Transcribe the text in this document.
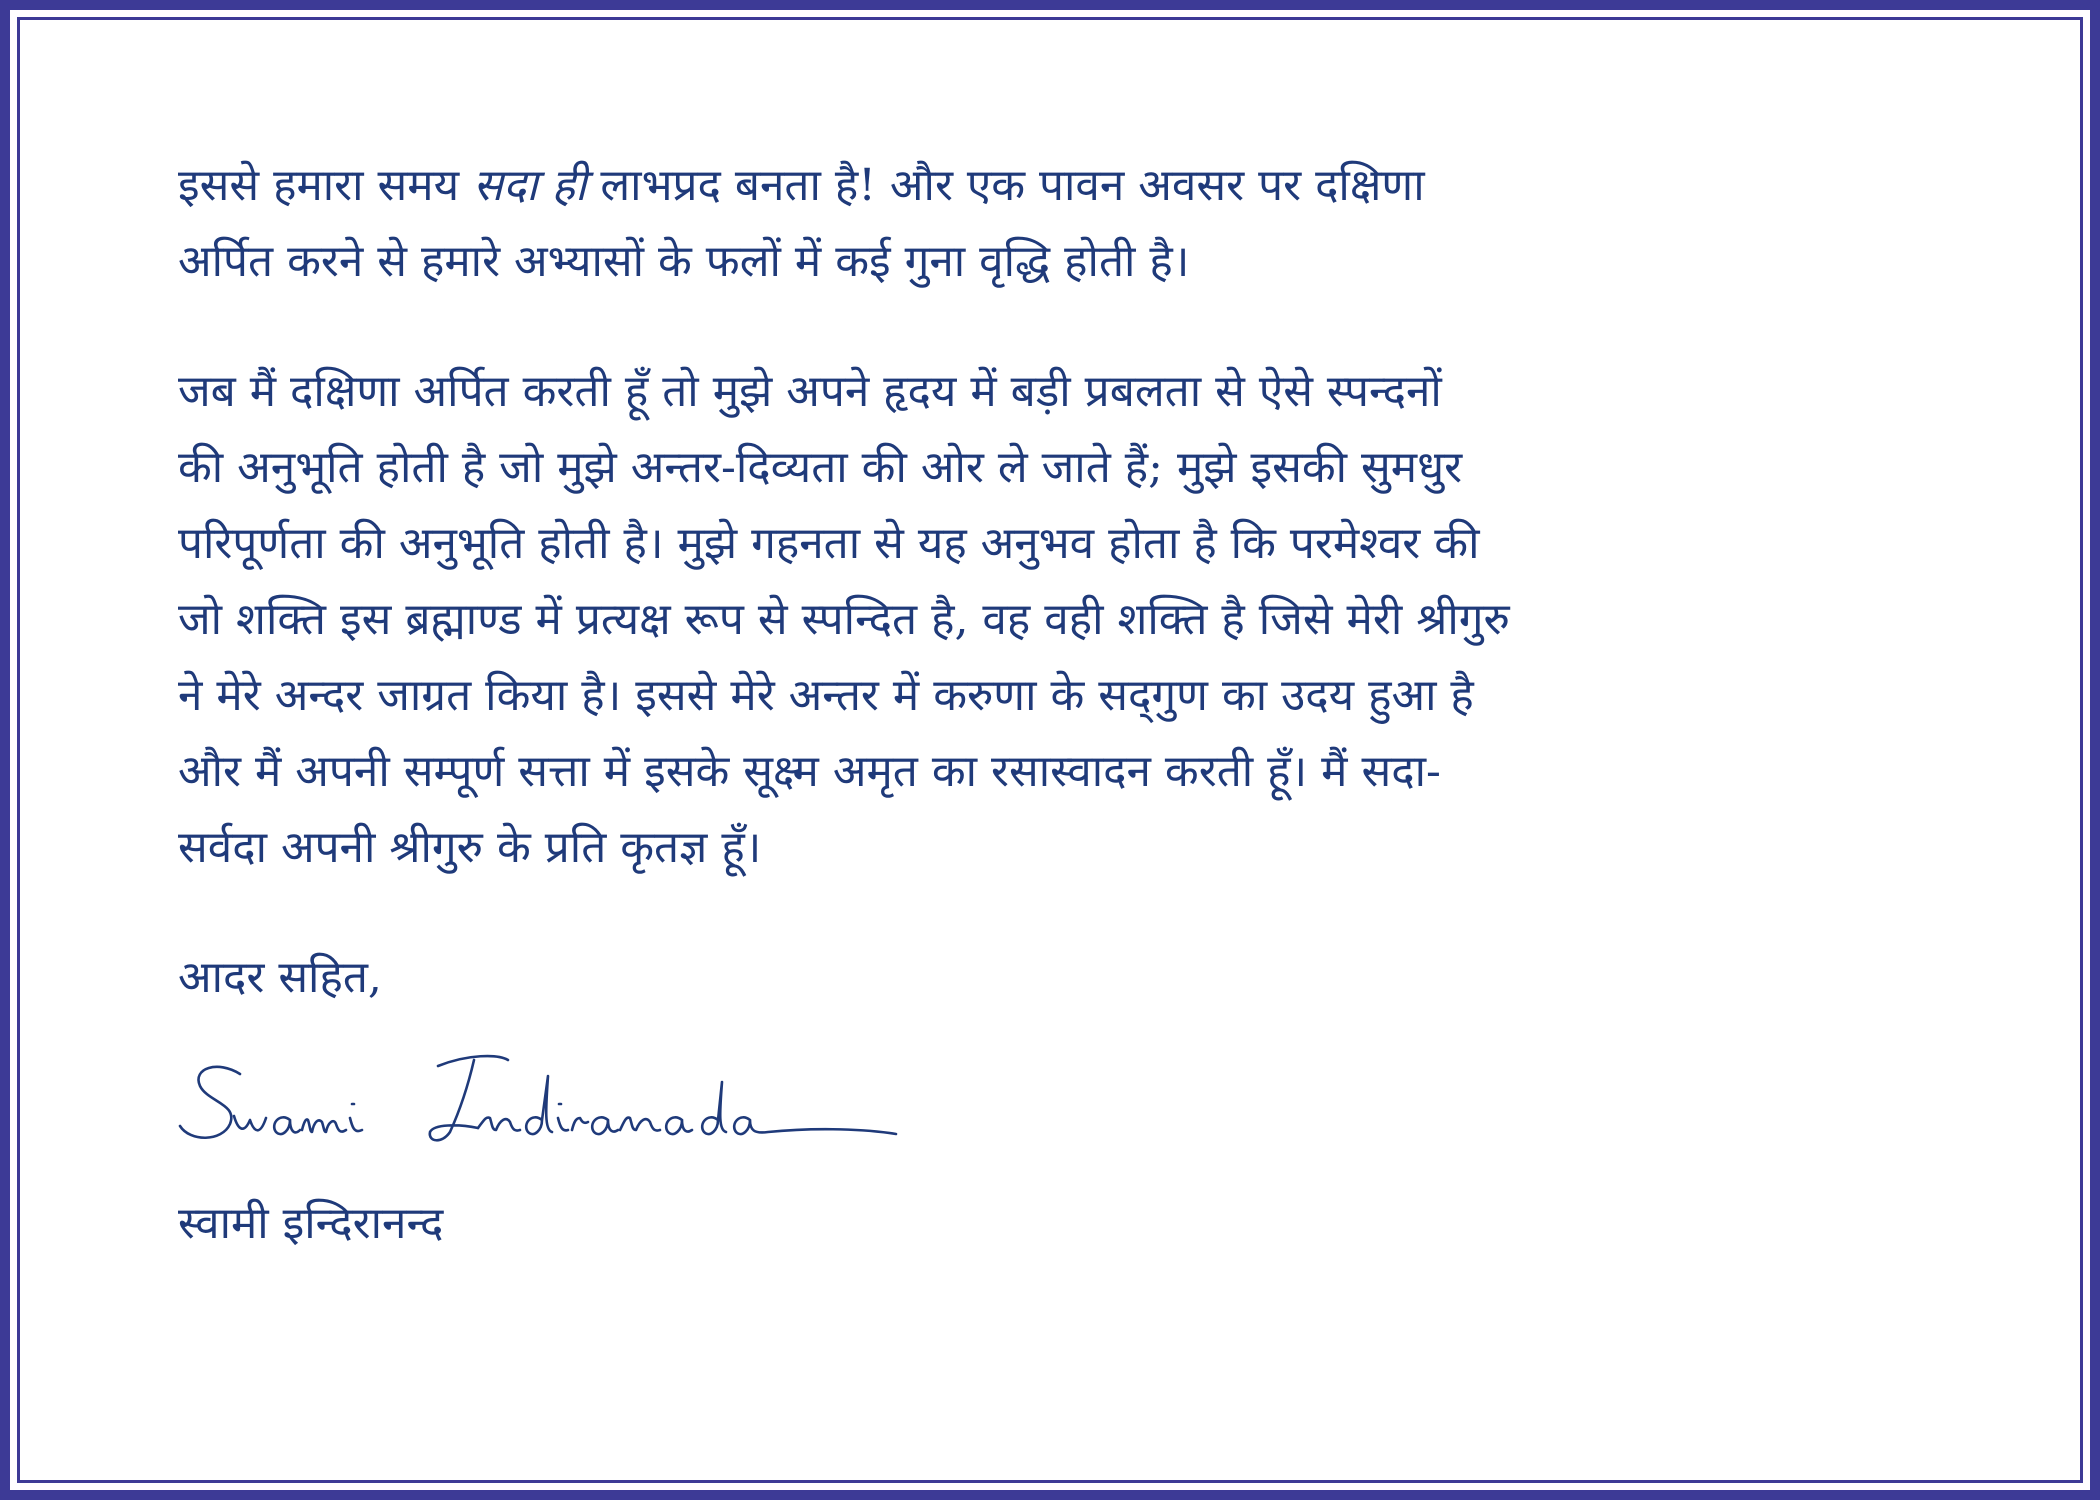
इससे हमारा समय सदा ही लाभप्रद बनता है! और एक पावन अवसर पर दक्षिणा
अर्पित करने से हमारे अभ्यासों के फलों में कई गुना वृद्धि होती है।

जब मैं दक्षिणा अर्पित करती हूँ तो मुझे अपने हृदय में बड़ी प्रबलता से ऐसे स्पन्दनों
की अनुभूति होती है जो मुझे अन्तर-दिव्यता की ओर ले जाते हैं; मुझे इसकी सुमधुर
परिपूर्णता की अनुभूति होती है। मुझे गहनता से यह अनुभव होता है कि परमेश्वर की
जो शक्ति इस ब्रह्माण्ड में प्रत्यक्ष रूप से स्पन्दित है, वह वही शक्ति है जिसे मेरी श्रीगुरु
ने मेरे अन्दर जाग्रत किया है। इससे मेरे अन्तर में करुणा के सद्‌गुण का उदय हुआ है
और मैं अपनी सम्पूर्ण सत्ता में इसके सूक्ष्म अमृत का रसास्वादन करती हूँ। मैं सदा-
सर्वदा अपनी श्रीगुरु के प्रति कृतज्ञ हूँ।

आदर सहित,

स्वामी इन्दिरानन्द
